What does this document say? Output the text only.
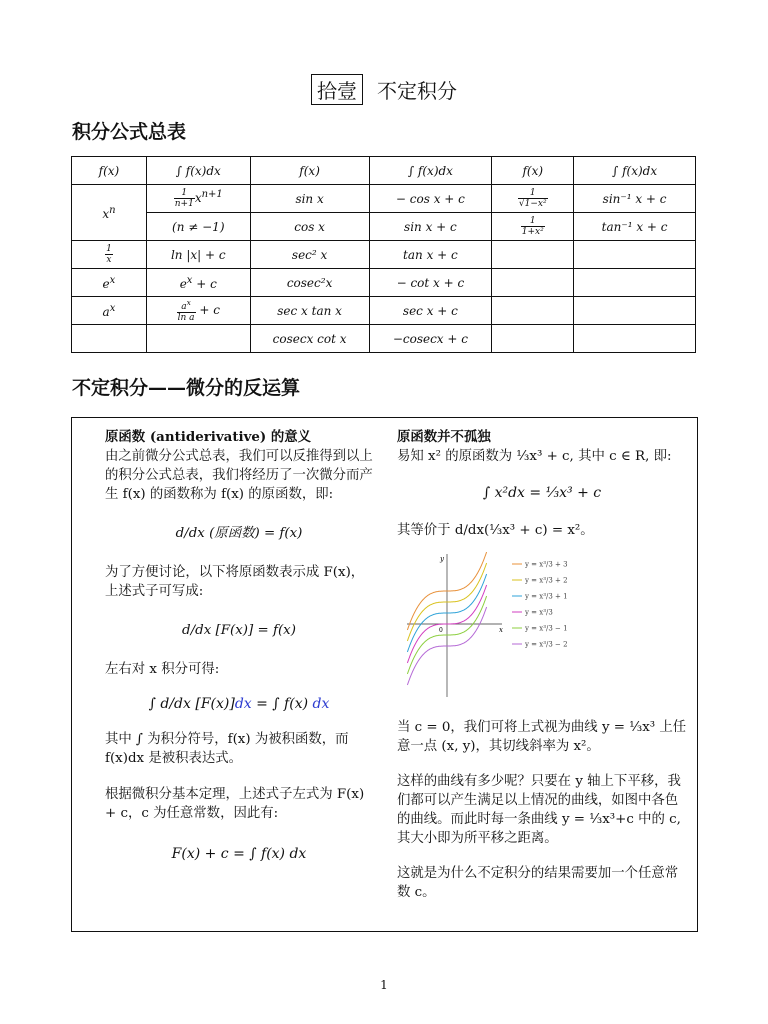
拾壹 不定积分
积分公式总表
f(x)	∫ f(x)dx	f(x)	∫ f(x)dx	f(x)	∫ f(x)dx
$x^n$	$\frac{1}{n+1} x^{n+1}$	sin x	− cos x + c	$\frac{1}{\text{√1−x²}}$	sin⁻¹ x + c
	(n ≠ −1)	cos x	sin x + c	$\frac{1}{\text{1+x²}}$	tan⁻¹ x + c

$\frac{1}{x}$	ln |x| + c	sec² x	tan x + c		
$e^x$	$e^x + c$	cosec²x	− cot x + c		
$a^x$	$\frac{a^x}{\text{ln a}} + c$	sec x tan x	sec x + c		
		cosecx cot x	−cosecx + c		
不定积分——微分的反运算

原函数 (antiderivative) 的意义

由之前微分公式总表，我们可以反推得到以上的积分公式总表，我们将经历了一次微分而产生 f(x) 的函数称为 f(x) 的原函数，即:

d/dx (原函数) = f(x)

为了方便讨论，以下将原函数表示成 F(x)，上述式子可写成:

d/dx [F(x)] = f(x)

左右对 x 积分可得:

∫ d/dx [F(x)]dx = ∫ f(x) dx

其中 ∫ 为积分符号，f(x) 为被积函数，而 f(x)dx 是被积表达式。

根据微积分基本定理，上述式子左式为 F(x) + c，c 为任意常数，因此有:

F(x) + c = ∫ f(x) dx

原函数并不孤独

易知 x² 的原函数为 ⅓x³ + c, 其中 c ∈ R, 即:

∫ x²dx = ⅓x³ + c

其等价于 d/dx(⅓x³ + c) = x²。

y
x
0
y = x³/3 + 3
y = x³/3 + 2
y = x³/3 + 1
y = x³/3
y = x³/3 − 1
y = x³/3 − 2

当 c = 0，我们可将上式视为曲线 y = ⅓x³ 上任意一点 (x, y)，其切线斜率为 x²。

这样的曲线有多少呢？只要在 y 轴上下平移，我们都可以产生满足以上情况的曲线，如图中各色的曲线。而此时每一条曲线 y = ⅓x³+c 中的 c,其大小即为所平移之距离。

这就是为什么不定积分的结果需要加一个任意常数 c。

1
